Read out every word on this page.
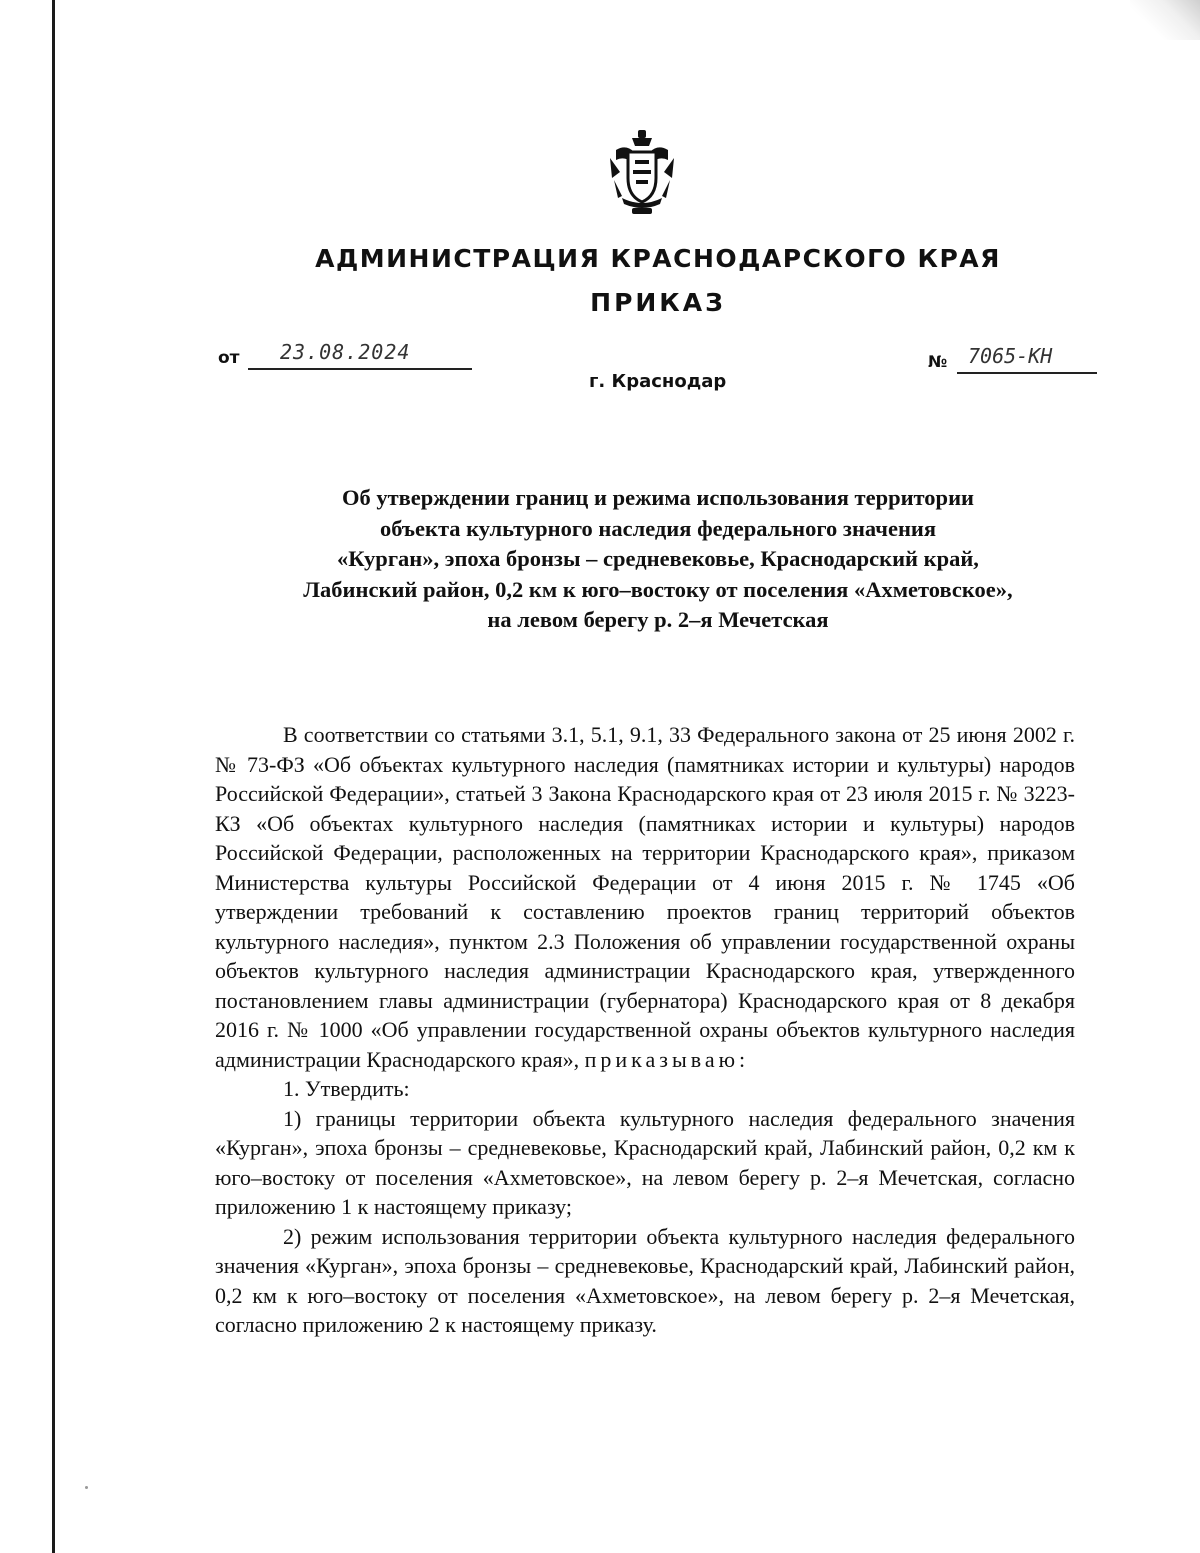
АДМИНИСТРАЦИЯ КРАСНОДАРСКОГО КРАЯ
ПРИКАЗ
от 23.08.2024
г. Краснодар
№ 7065-КН
Об утверждении границ и режима использования территории
объекта культурного наследия федерального значения
«Курган», эпоха бронзы – средневековье, Краснодарский край,
Лабинский район, 0,2 км к юго–востоку от поселения «Ахметовское»,
на левом берегу р. 2–я Мечетская

В соответствии со статьями 3.1, 5.1, 9.1, 33 Федерального закона от 25 июня 2002 г. № 73-ФЗ «Об объектах культурного наследия (памятниках истории и культуры) народов Российской Федерации», статьей 3 Закона Краснодарского края от 23 июля 2015 г. № 3223-КЗ «Об объектах культурного наследия (памятниках истории и культуры) народов Российской Федерации, расположенных на территории Краснодарского края», приказом Министерства культуры Российской Федерации от 4 июня 2015 г. № 1745 «Об утверждении требований к составлению проектов границ территорий объектов культурного наследия», пунктом 2.3 Положения об управлении государственной охраны объектов культурного наследия администрации Краснодарского края, утвержденного постановлением главы администрации (губернатора) Краснодарского края от 8 декабря 2016 г. № 1000 «Об управлении государственной охраны объектов культурного наследия администрации Краснодарского края», приказываю:

1. Утвердить:

1) границы территории объекта культурного наследия федерального значения «Курган», эпоха бронзы – средневековье, Краснодарский край, Лабинский район, 0,2 км к юго–востоку от поселения «Ахметовское», на левом берегу р. 2–я Мечетская, согласно приложению 1 к настоящему приказу;

2) режим использования территории объекта культурного наследия федерального значения «Курган», эпоха бронзы – средневековье, Краснодарский край, Лабинский район, 0,2 км к юго–востоку от поселения «Ахметовское», на левом берегу р. 2–я Мечетская, согласно приложению 2 к настоящему приказу.
